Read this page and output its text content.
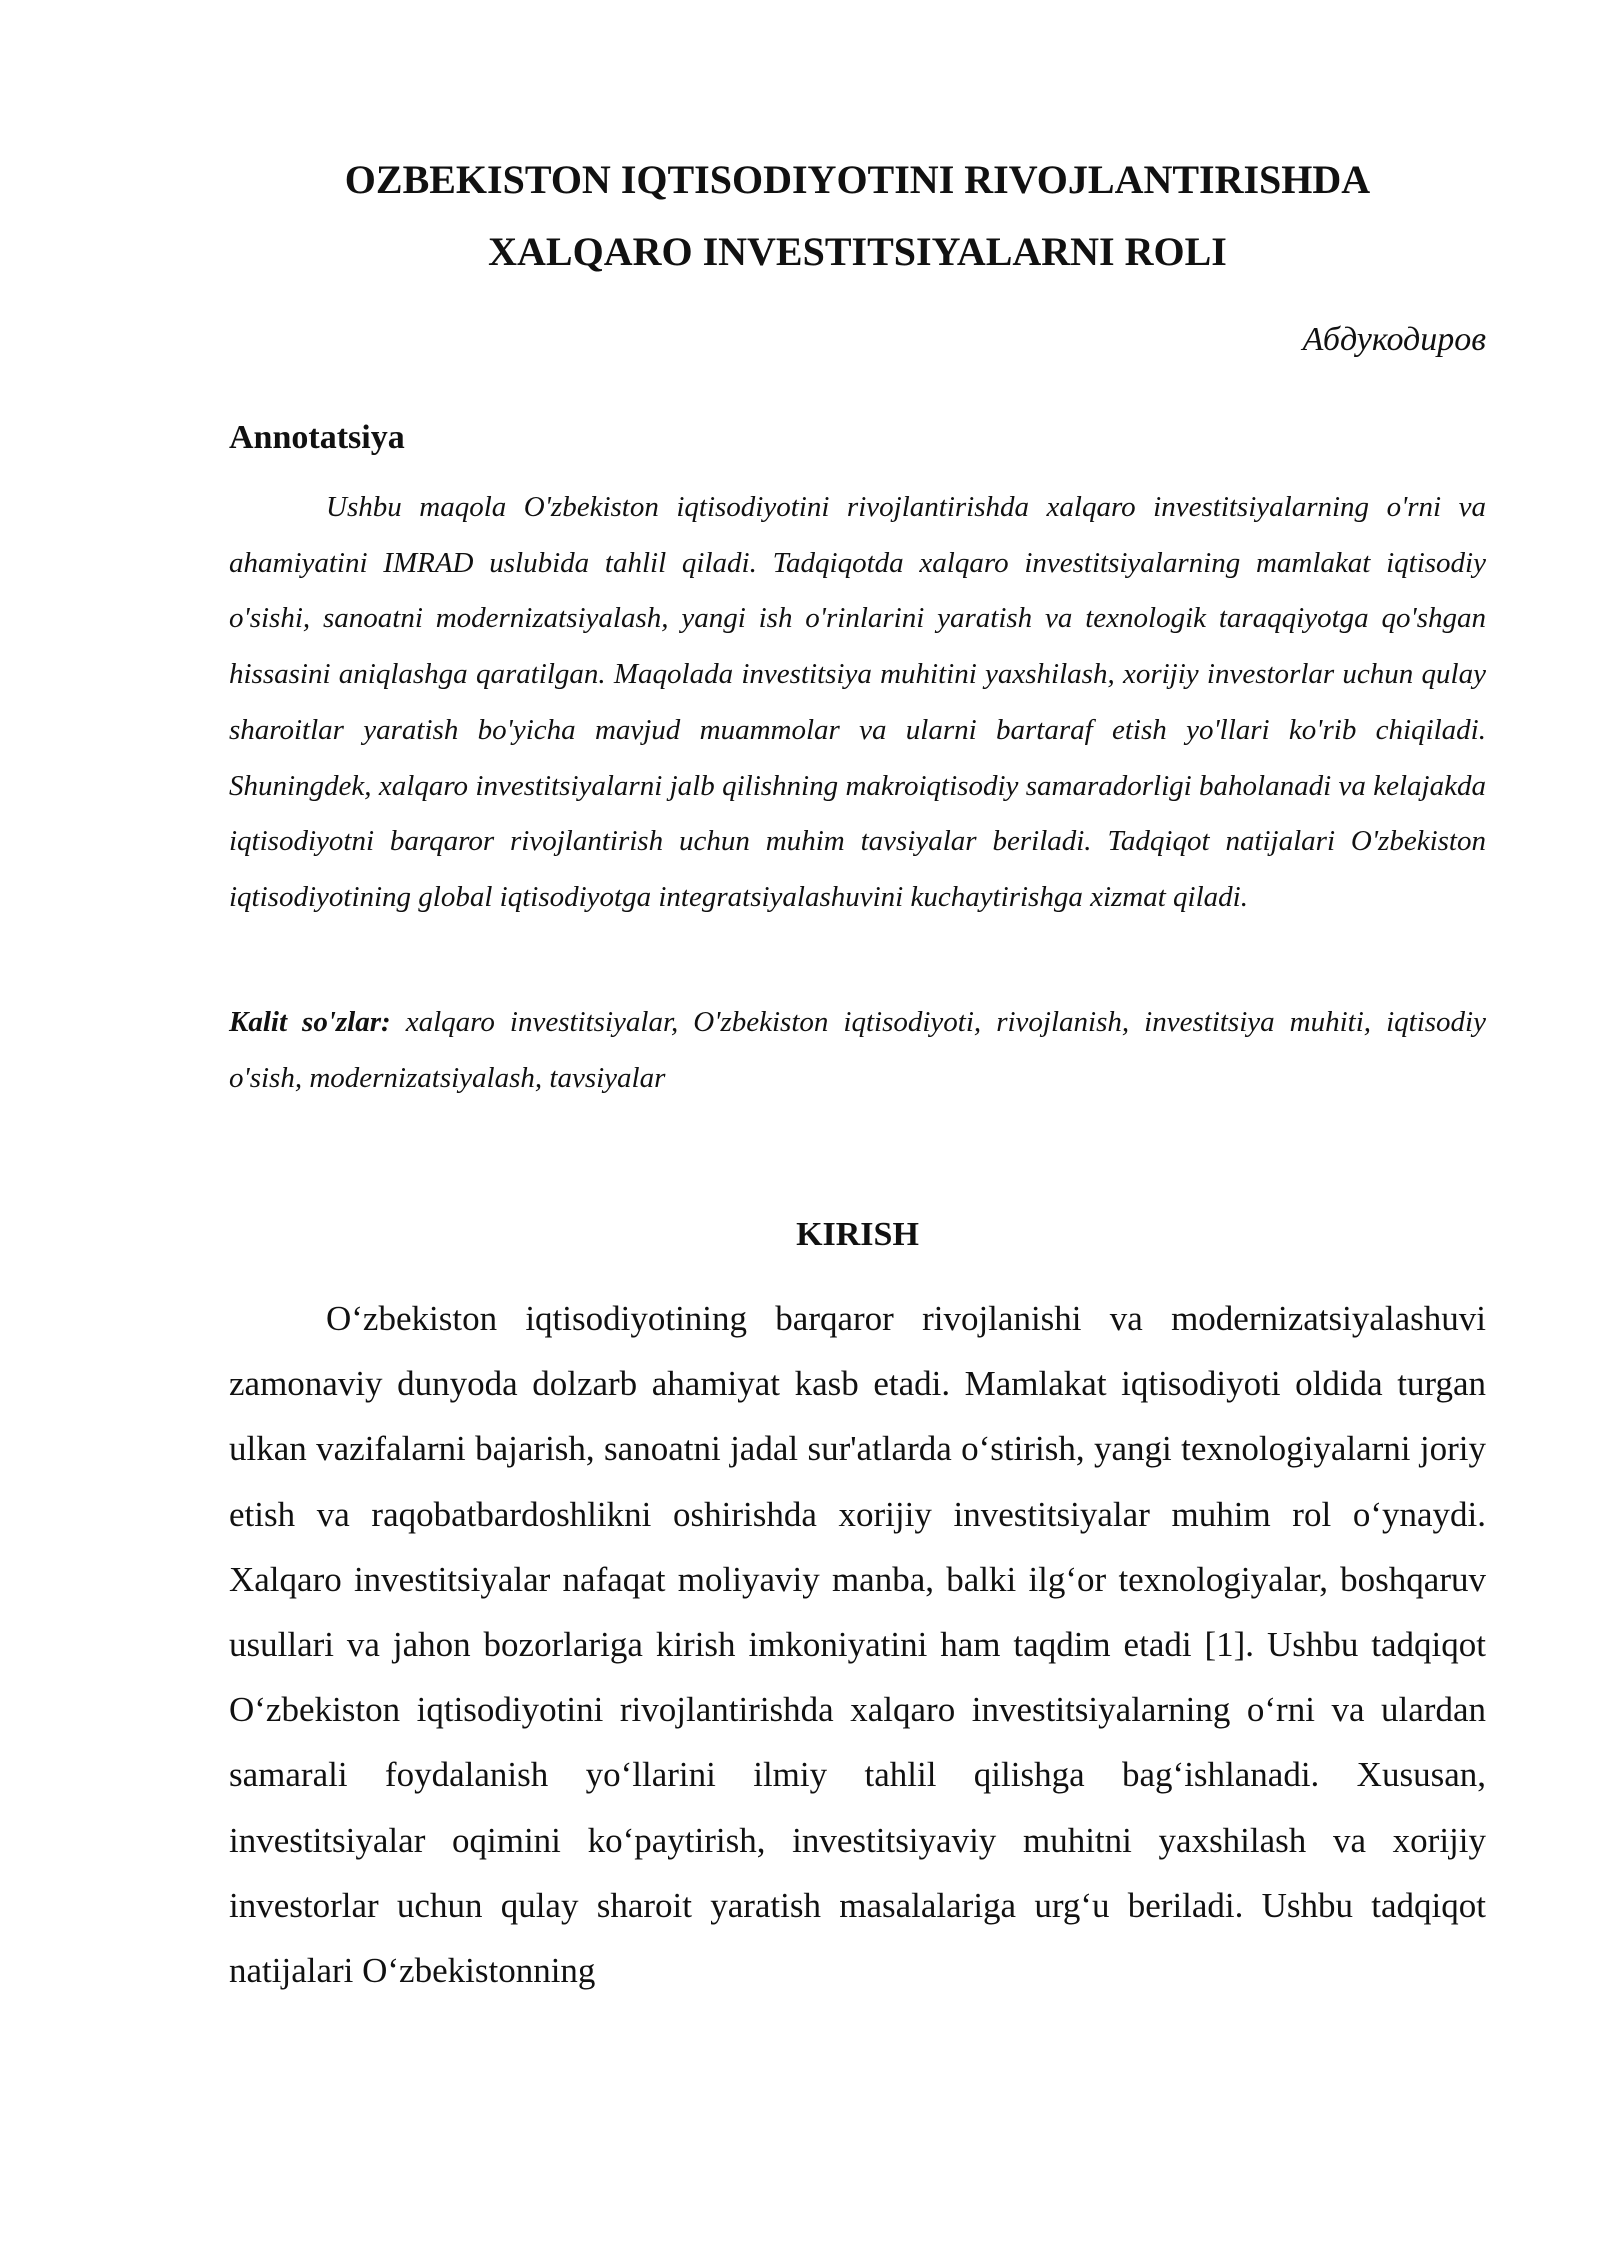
OZBEKISTON IQTISODIYOTINI RIVOJLANTIRISHDA
XALQARO INVESTITSIYALARNI ROLI

Абдукодиров

Annotatsiya

Ushbu maqola O'zbekiston iqtisodiyotini rivojlantirishda xalqaro investitsiyalarning o'rni va ahamiyatini IMRAD uslubida tahlil qiladi. Tadqiqotda xalqaro investitsiyalarning mamlakat iqtisodiy o'sishi, sanoatni modernizatsiyalash, yangi ish o'rinlarini yaratish va texnologik taraqqiyotga qo'shgan hissasini aniqlashga qaratilgan. Maqolada investitsiya muhitini yaxshilash, xorijiy investorlar uchun qulay sharoitlar yaratish bo'yicha mavjud muammolar va ularni bartaraf etish yo'llari ko'rib chiqiladi. Shuningdek, xalqaro investitsiyalarni jalb qilishning makroiqtisodiy samaradorligi baholanadi va kelajakda iqtisodiyotni barqaror rivojlantirish uchun muhim tavsiyalar beriladi. Tadqiqot natijalari O'zbekiston iqtisodiyotining global iqtisodiyotga integratsiyalashuvini kuchaytirishga xizmat qiladi.

Kalit so'zlar: xalqaro investitsiyalar, O'zbekiston iqtisodiyoti, rivojlanish, investitsiya muhiti, iqtisodiy o'sish, modernizatsiyalash, tavsiyalar

KIRISH

O‘zbekiston iqtisodiyotining barqaror rivojlanishi va modernizatsiyalashuvi zamonaviy dunyoda dolzarb ahamiyat kasb etadi. Mamlakat iqtisodiyoti oldida turgan ulkan vazifalarni bajarish, sanoatni jadal sur'atlarda o‘stirish, yangi texnologiyalarni joriy etish va raqobatbardoshlikni oshirishda xorijiy investitsiyalar muhim rol o‘ynaydi. Xalqaro investitsiyalar nafaqat moliyaviy manba, balki ilg‘or texnologiyalar, boshqaruv usullari va jahon bozorlariga kirish imkoniyatini ham taqdim etadi [1]. Ushbu tadqiqot O‘zbekiston iqtisodiyotini rivojlantirishda xalqaro investitsiyalarning o‘rni va ulardan samarali foydalanish yo‘llarini ilmiy tahlil qilishga bag‘ishlanadi. Xususan, investitsiyalar oqimini ko‘paytirish, investitsiyaviy muhitni yaxshilash va xorijiy investorlar uchun qulay sharoit yaratish masalalariga urg‘u beriladi. Ushbu tadqiqot natijalari O‘zbekistonning
